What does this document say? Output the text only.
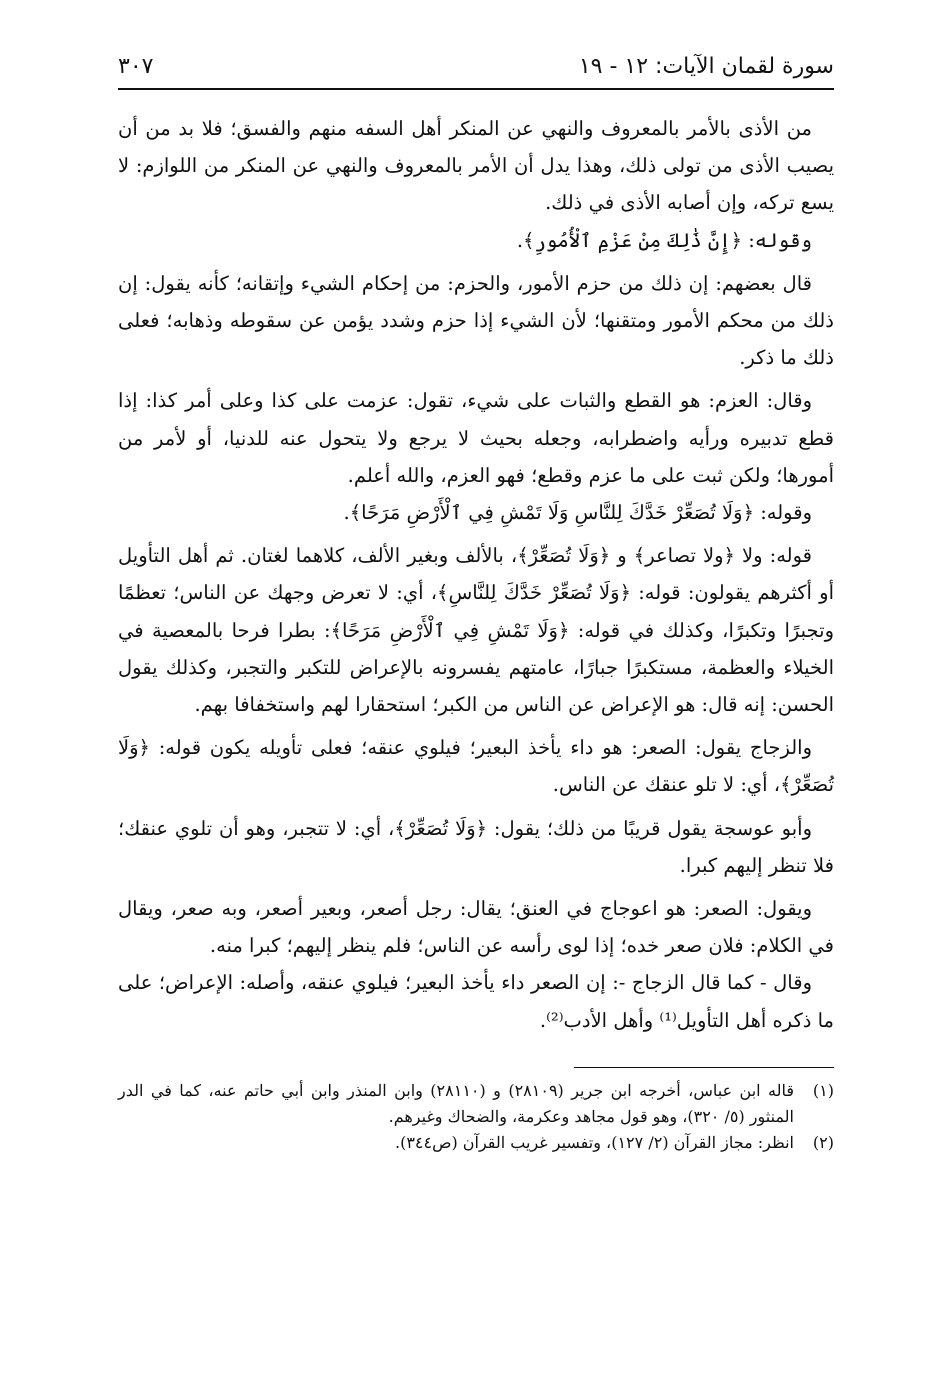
سورة لقمان الآيات: ١٢ - ١٩
٣٠٧

من الأذى بالأمر بالمعروف والنهي عن المنكر أهل السفه منهم والفسق؛ فلا بد من أن يصيب الأذى من تولى ذلك، وهذا يدل أن الأمر بالمعروف والنهي عن المنكر من اللوازم: لا يسع تركه، وإن أصابه الأذى في ذلك.

وقوله: ﴿إِنَّ ذَٰلِكَ مِنْ عَزْمِ ٱلْأُمُورِ﴾.

قال بعضهم: إن ذلك من حزم الأمور، والحزم: من إحكام الشيء وإتقانه؛ كأنه يقول: إن ذلك من محكم الأمور ومتقنها؛ لأن الشيء إذا حزم وشدد يؤمن عن سقوطه وذهابه؛ فعلى ذلك ما ذكر.

وقال: العزم: هو القطع والثبات على شيء، تقول: عزمت على كذا وعلى أمر كذا: إذا قطع تدبيره ورأيه واضطرابه، وجعله بحيث لا يرجع ولا يتحول عنه للدنيا، أو لأمر من أمورها؛ ولكن ثبت على ما عزم وقطع؛ فهو العزم، والله أعلم.

وقوله: ﴿وَلَا تُصَعِّرْ خَدَّكَ لِلنَّاسِ وَلَا تَمْشِ فِي ٱلْأَرْضِ مَرَحًا﴾.

قوله: ولا ﴿ولا تصاعر﴾ و ﴿وَلَا تُصَعِّرْ﴾، بالألف وبغير الألف، كلاهما لغتان. ثم أهل التأويل أو أكثرهم يقولون: قوله: ﴿وَلَا تُصَعِّرْ خَدَّكَ لِلنَّاسِ﴾، أي: لا تعرض وجهك عن الناس؛ تعظمًا وتجبرًا وتكبرًا، وكذلك في قوله: ﴿وَلَا تَمْشِ فِي ٱلْأَرْضِ مَرَحًا﴾: بطرا فرحا بالمعصية في الخيلاء والعظمة، مستكبرًا جبارًا، عامتهم يفسرونه بالإعراض للتكبر والتجبر، وكذلك يقول الحسن: إنه قال: هو الإعراض عن الناس من الكبر؛ استحقارا لهم واستخفافا بهم.

والزجاج يقول: الصعر: هو داء يأخذ البعير؛ فيلوي عنقه؛ فعلى تأويله يكون قوله: ﴿وَلَا تُصَعِّرْ﴾، أي: لا تلو عنقك عن الناس.

وأبو عوسجة يقول قريبًا من ذلك؛ يقول: ﴿وَلَا تُصَعِّرْ﴾، أي: لا تتجبر، وهو أن تلوي عنقك؛ فلا تنظر إليهم كبرا.

ويقول: الصعر: هو اعوجاج في العنق؛ يقال: رجل أصعر، وبعير أصعر، وبه صعر، ويقال في الكلام: فلان صعر خده؛ إذا لوى رأسه عن الناس؛ فلم ينظر إليهم؛ كبرا منه.

وقال - كما قال الزجاج -: إن الصعر داء يأخذ البعير؛ فيلوي عنقه، وأصله: الإعراض؛ على ما ذكره أهل التأويل⁽¹⁾ وأهل الأدب⁽²⁾.

(١)قاله ابن عباس، أخرجه ابن جرير (٢٨١٠٩) و (٢٨١١٠) وابن المنذر وابن أبي حاتم عنه، كما في الدر المنثور (٥/ ٣٢٠)، وهو قول مجاهد وعكرمة، والضحاك وغيرهم.

(٢)انظر: مجاز القرآن (٢/ ١٢٧)، وتفسير غريب القرآن (ص٣٤٤).
